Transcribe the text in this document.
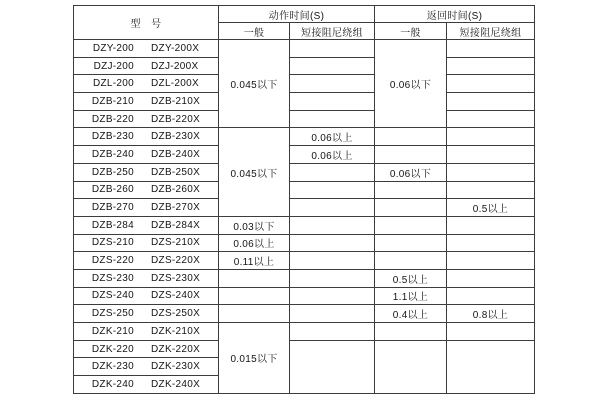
型　号	动作时间(S)		返回时间(S)	
	一般	短接阻尼绕组	一般	短接阻尼绕组

DZY-200 DZY-200X	0.045以下		0.06以下	

DZJ-200 DZJ-200X				

DZL-200 DZL-200X				

DZB-210 DZB-210X				

DZB-220 DZB-220X				

DZB-230 DZB-230X	0.045以下	0.06以上		

DZB-240 DZB-240X		0.06以上		

DZB-250 DZB-250X			0.06以下	

DZB-260 DZB-260X				

DZB-270 DZB-270X				0.5以上

DZB-284 DZB-284X	0.03以下			

DZS-210 DZS-210X	0.06以上			

DZS-220 DZS-220X	0.11以上			

DZS-230 DZS-230X			0.5以上	

DZS-240 DZS-240X			1.1以上	

DZS-250 DZS-250X			0.4以上	0.8以上

DZK-210 DZK-210X	0.015以下			

DZK-220 DZK-220X				

DZK-230 DZK-230X				

DZK-240 DZK-240X				
